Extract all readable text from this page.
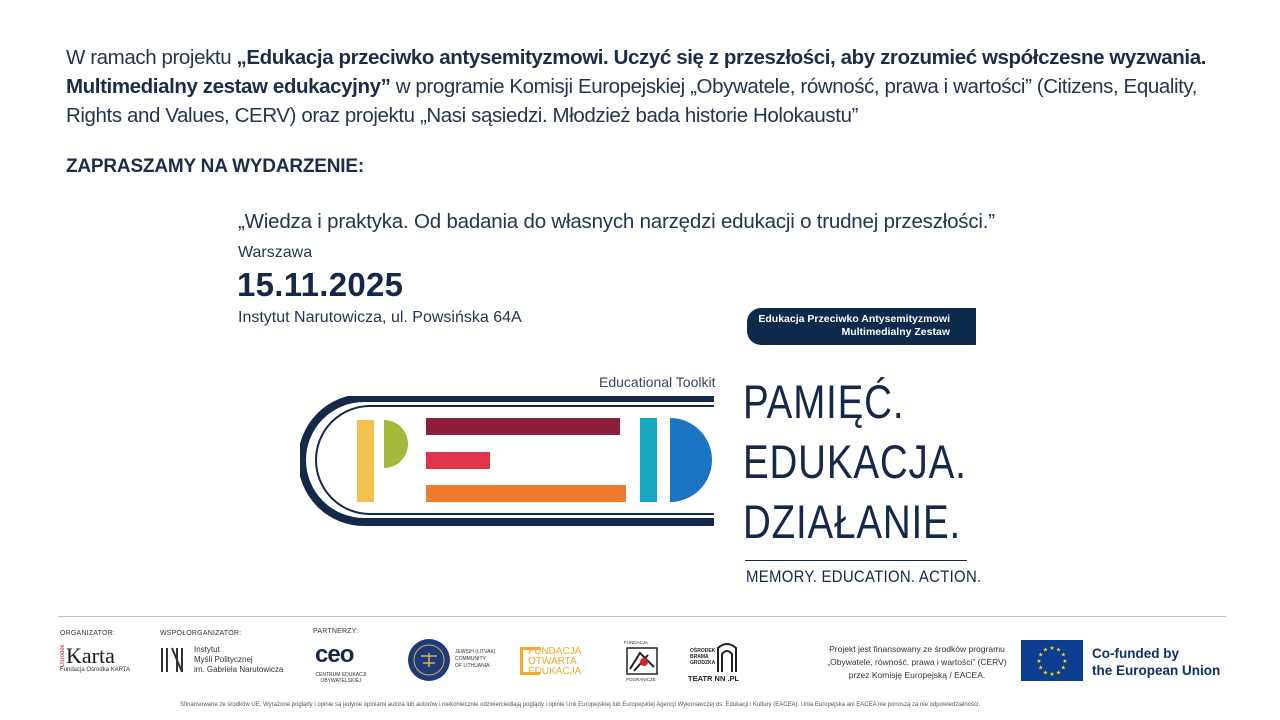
W ramach projektu „Edukacja przeciwko antysemityzmowi. Uczyć się z przeszłości, aby zrozumieć współczesne wyzwania. Multimedialny zestaw edukacyjny” w programie Komisji Europejskiej „Obywatele, równość, prawa i wartości” (Citizens, Equality, Rights and Values, CERV) oraz projektu „Nasi sąsiedzi. Młodzież bada historie Holokaustu”
ZAPRASZAMY NA WYDARZENIE:
„Wiedza i praktyka. Od badania do własnych narzędzi edukacji o trudnej przeszłości.”
Warszawa
15.11.2025
Instytut Narutowicza, ul. Powsińska 64A	Edukacja Przeciwko Antysemityzmowi
Multimedialny Zestaw
Educational Toolkit PAMIĘĆ.
EDUKACJA.
DZIAŁANIE.
MEMORY. EDUCATION. ACTION.
ORGANIZATOR:
OśrodekKarta
Fundacja Ośrodka KARTA
WSPÓŁORGANIZATOR:
Instytut
Myśli Politycznej
im. Gabriela Narutowicza
PARTNERZY:
ceo
CENTRUM EDUKACJI
OBYWATELSKIEJ
JEWISH (LITVAK)
COMMUNITY
OF LITHUANIA
FUNDACJA
OTWARTA
EDUKACJA
FUNDACJA
POGRANICZE
OŚRODEK
BRAMA
GRODZKA
TEATR NN .PL
Projekt jest finansowany ze środków programu „Obywatele, równość, prawa i wartości” (CERV) przez Komisję Europejską / EACEA.
★ ★
★
★
★
★
★
★
★
★
★
★	Co-funded by
the European Union
Sfinansowane ze środków UE. Wyrażone poglądy i opinie są jedynie opiniami autora lub autorów i niekoniecznie odzwierciedlają poglądy i opinie Unii Europejskiej lub Europejskiej Agencji Wykonawczej ds. Edukacji i Kultury (EACEA). Unia Europejska ani EACEA nie ponoszą za nie odpowiedzialności.
